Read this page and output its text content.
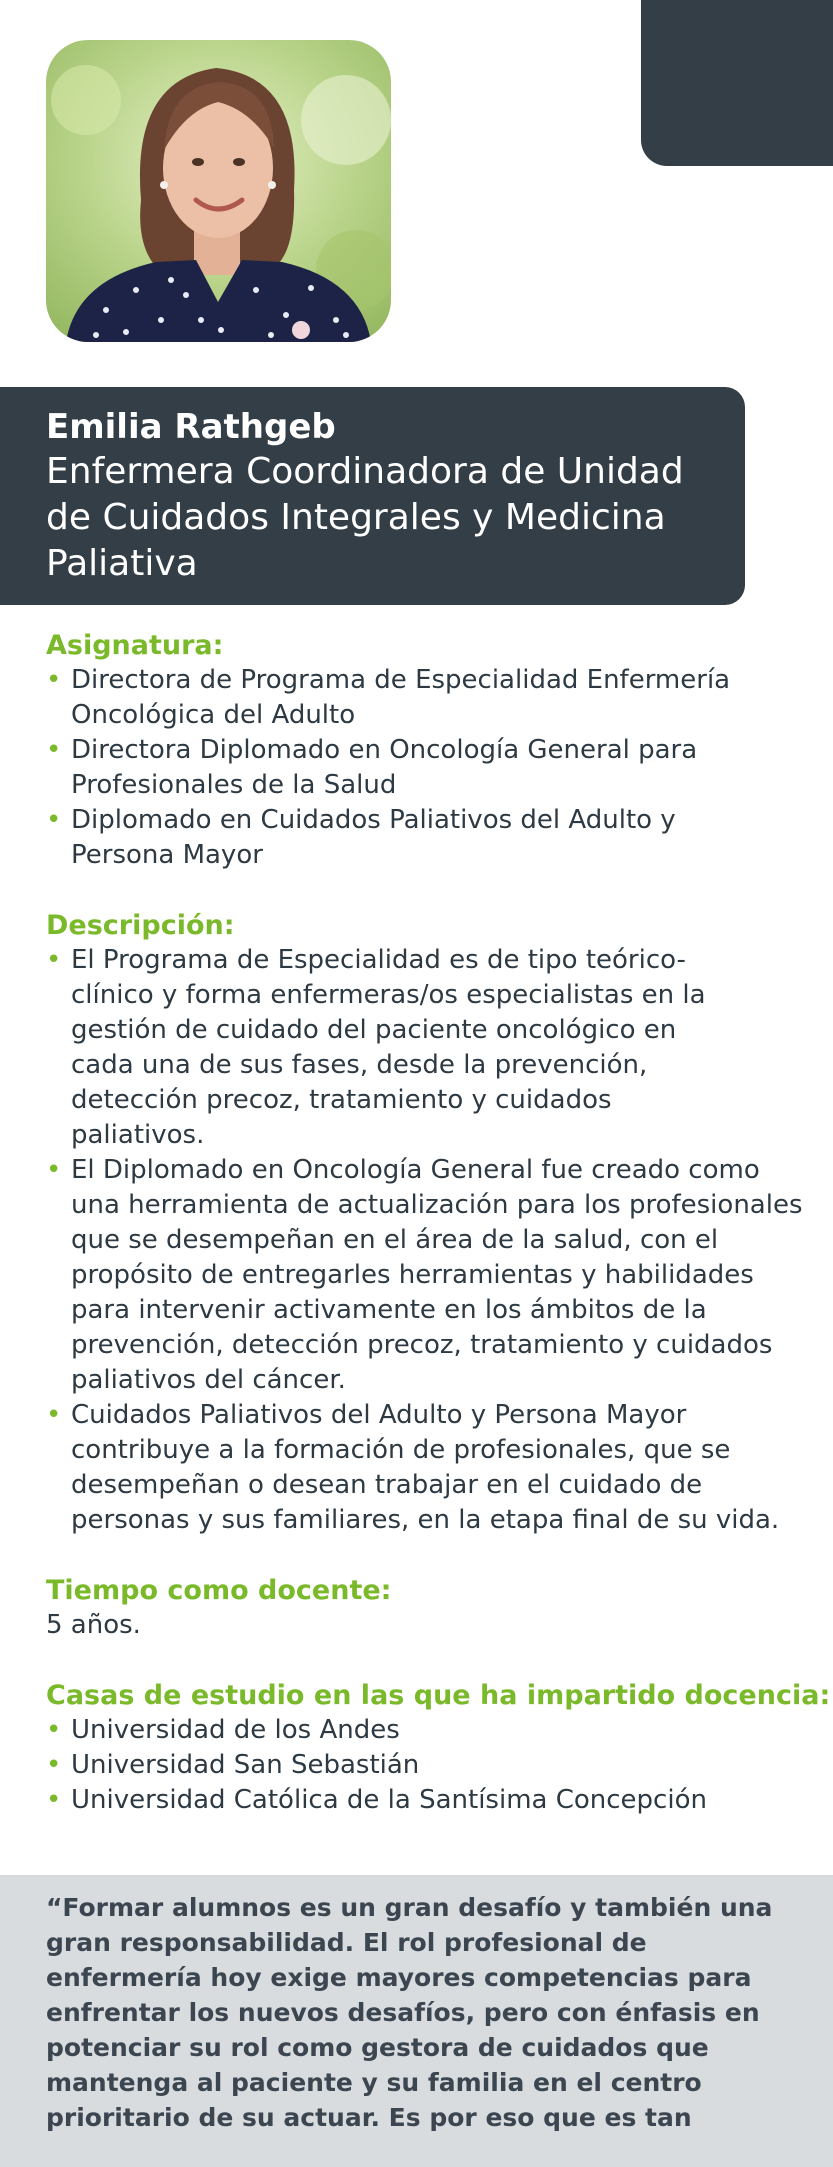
Emilia Rathgeb

Enfermera Coordinadora de Unidad de Cuidados Integrales y Medicina Paliativa

Asignatura:

• Directora de Programa de Especialidad Enfermería Oncológica del Adulto
• Directora Diplomado en Oncología General para Profesionales de la Salud
• Diplomado en Cuidados Paliativos del Adulto y Persona Mayor

Descripción:

• El Programa de Especialidad es de tipo teórico-clínico y forma enfermeras/os especialistas en la gestión de cuidado del paciente oncológico en cada una de sus fases, desde la prevención, detección precoz, tratamiento y cuidados paliativos.
• El Diplomado en Oncología General fue creado como una herramienta de actualización para los profesionales que se desempeñan en el área de la salud, con el propósito de entregarles herramientas y habilidades para intervenir activamente en los ámbitos de la prevención, detección precoz, tratamiento y cuidados paliativos del cáncer.
• Cuidados Paliativos del Adulto y Persona Mayor contribuye a la formación de profesionales, que se desempeñan o desean trabajar en el cuidado de personas y sus familiares, en la etapa final de su vida.

Tiempo como docente:

5 años.

Casas de estudio en las que ha impartido docencia:

• Universidad de los Andes
• Universidad San Sebastián
• Universidad Católica de la Santísima Concepción

“Formar alumnos es un gran desafío y también una gran responsabilidad. El rol profesional de enfermería hoy exige mayores competencias para enfrentar los nuevos desafíos, pero con énfasis en potenciar su rol como gestora de cuidados que mantenga al paciente y su familia en el centro prioritario de su actuar. Es por eso que es tan
